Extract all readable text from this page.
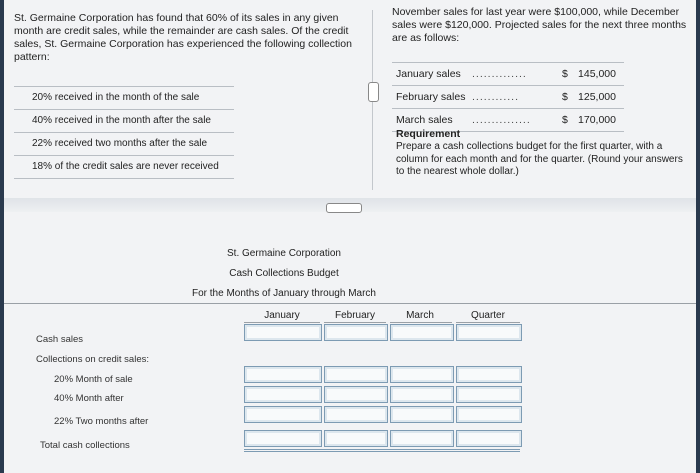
St. Germaine Corporation has found that 60% of its sales in any given month are credit sales, while the remainder are cash sales. Of the credit sales, St. Germaine Corporation has experienced the following collection pattern:

20% received in the month of the sale
40% received in the month after the sale
22% received two months after the sale
18% of the credit sales are never received
November sales for last year were $100,000, while December sales were $120,000. Projected sales for the next three months are as follows:
January sales ..............	$ 145,000
February sales ............	$ 125,000
March sales ...............	$ 170,000
Requirement
Prepare a cash collections budget for the first quarter, with a column for each month and for the quarter. (Round your answers to the nearest whole dollar.)
St. Germaine Corporation
Cash Collections Budget
For the Months of January through March
January	February	March	Quarter
Cash sales
Collections on credit sales:
20% Month of sale
40% Month after
22% Two months after
Total cash collections
